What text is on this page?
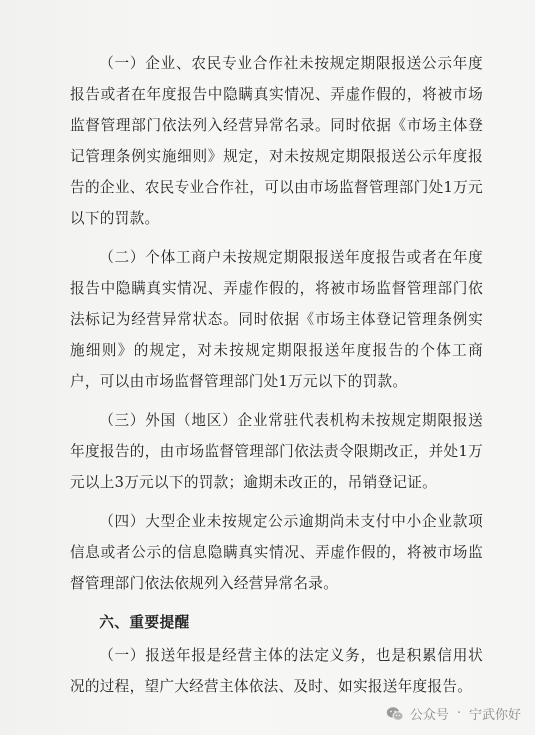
（一）企业、农民专业合作社未按规定期限报送公示年度报告或者在年度报告中隐瞒真实情况、弄虚作假的，将被市场监督管理部门依法列入经营异常名录。同时依据《市场主体登记管理条例实施细则》规定，对未按规定期限报送公示年度报告的企业、农民专业合作社，可以由市场监督管理部门处1万元以下的罚款。

（二）个体工商户未按规定期限报送年度报告或者在年度报告中隐瞒真实情况、弄虚作假的，将被市场监督管理部门依法标记为经营异常状态。同时依据《市场主体登记管理条例实施细则》的规定，对未按规定期限报送年度报告的个体工商户，可以由市场监督管理部门处1万元以下的罚款。

（三）外国（地区）企业常驻代表机构未按规定期限报送年度报告的，由市场监督管理部门依法责令限期改正，并处1万元以上3万元以下的罚款；逾期未改正的，吊销登记证。

（四）大型企业未按规定公示逾期尚未支付中小企业款项信息或者公示的信息隐瞒真实情况、弄虚作假的，将被市场监督管理部门依法依规列入经营异常名录。

六、重要提醒

（一）报送年报是经营主体的法定义务，也是积累信用状况的过程，望广大经营主体依法、及时、如实报送年度报告。

公众号 · 宁武你好
